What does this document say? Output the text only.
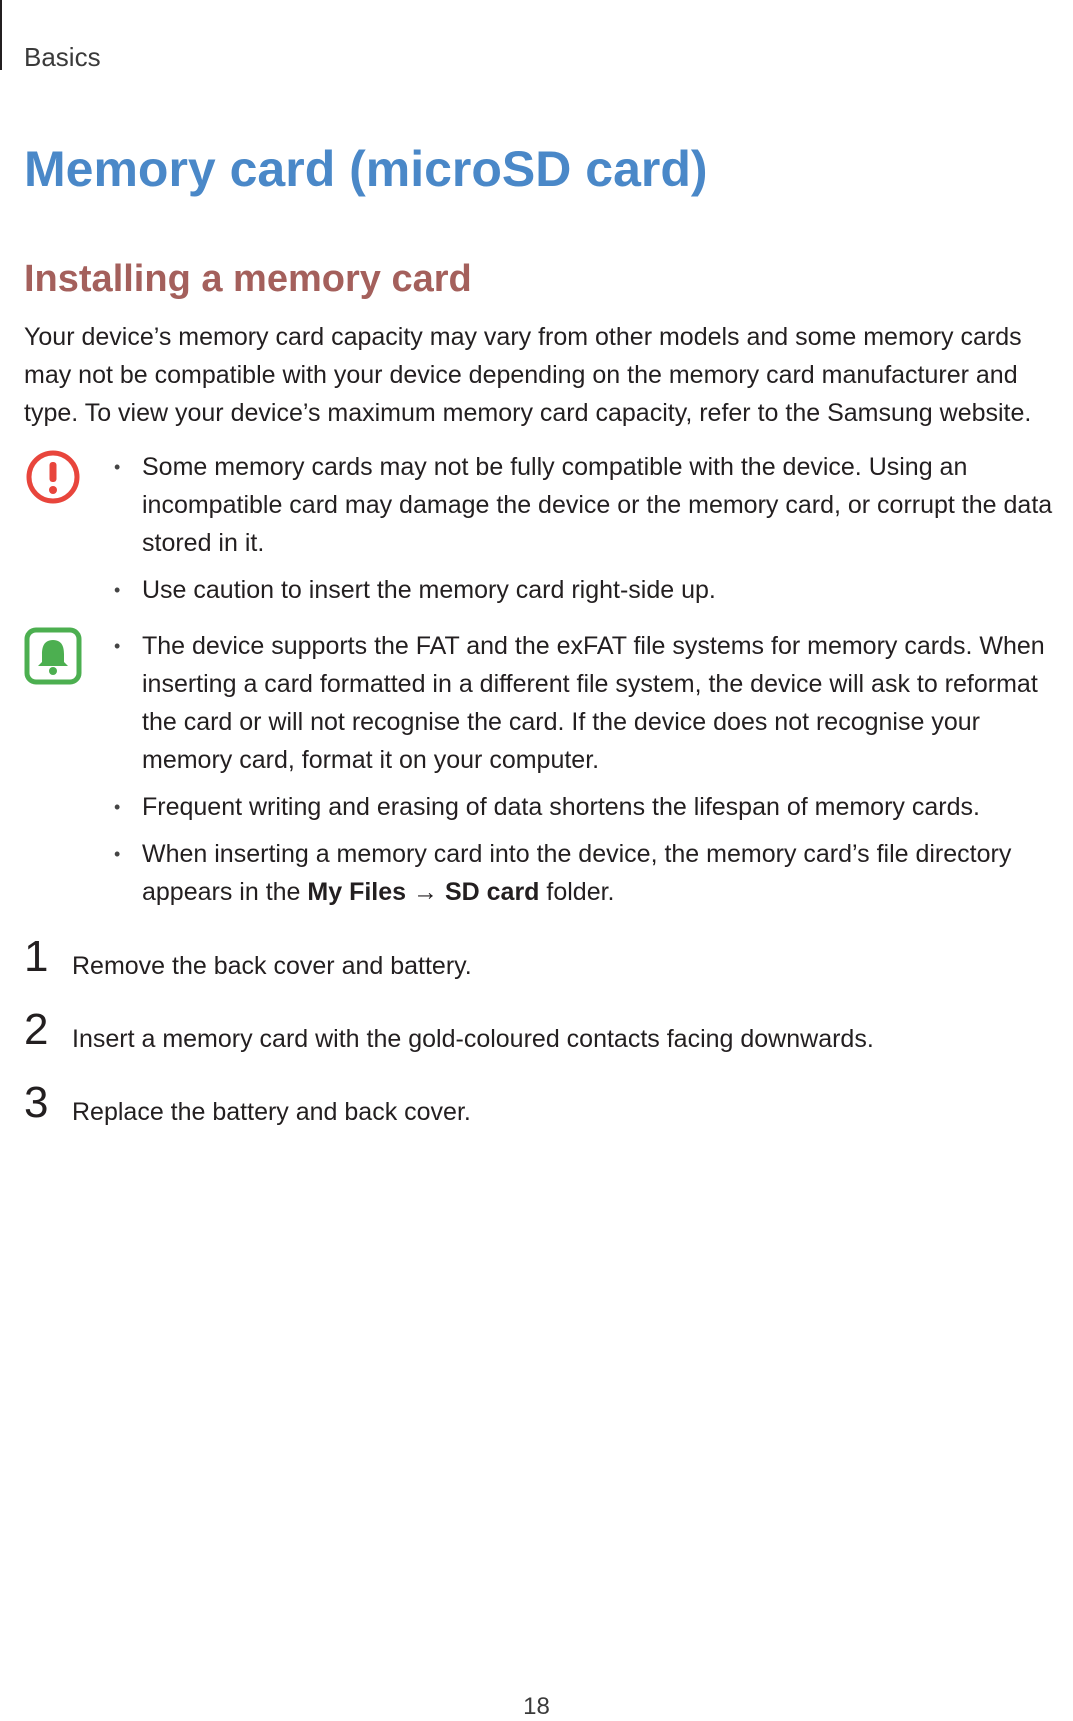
Basics
Memory card (microSD card)
Installing a memory card

Your device’s memory card capacity may vary from other models and some memory cards may not be compatible with your device depending on the memory card manufacturer and type. To view your device’s maximum memory card capacity, refer to the Samsung website.

• Some memory cards may not be fully compatible with the device. Using an incompatible card may damage the device or the memory card, or corrupt the data stored in it.
• Use caution to insert the memory card right-side up.
• The device supports the FAT and the exFAT file systems for memory cards. When inserting a card formatted in a different file system, the device will ask to reformat the card or will not recognise the card. If the device does not recognise your memory card, format it on your computer.
• Frequent writing and erasing of data shortens the lifespan of memory cards.
• When inserting a memory card into the device, the memory card’s file directory appears in the My Files → SD card folder.
1 Remove the back cover and battery.
2 Insert a memory card with the gold-coloured contacts facing downwards.
3 Replace the battery and back cover.
18
